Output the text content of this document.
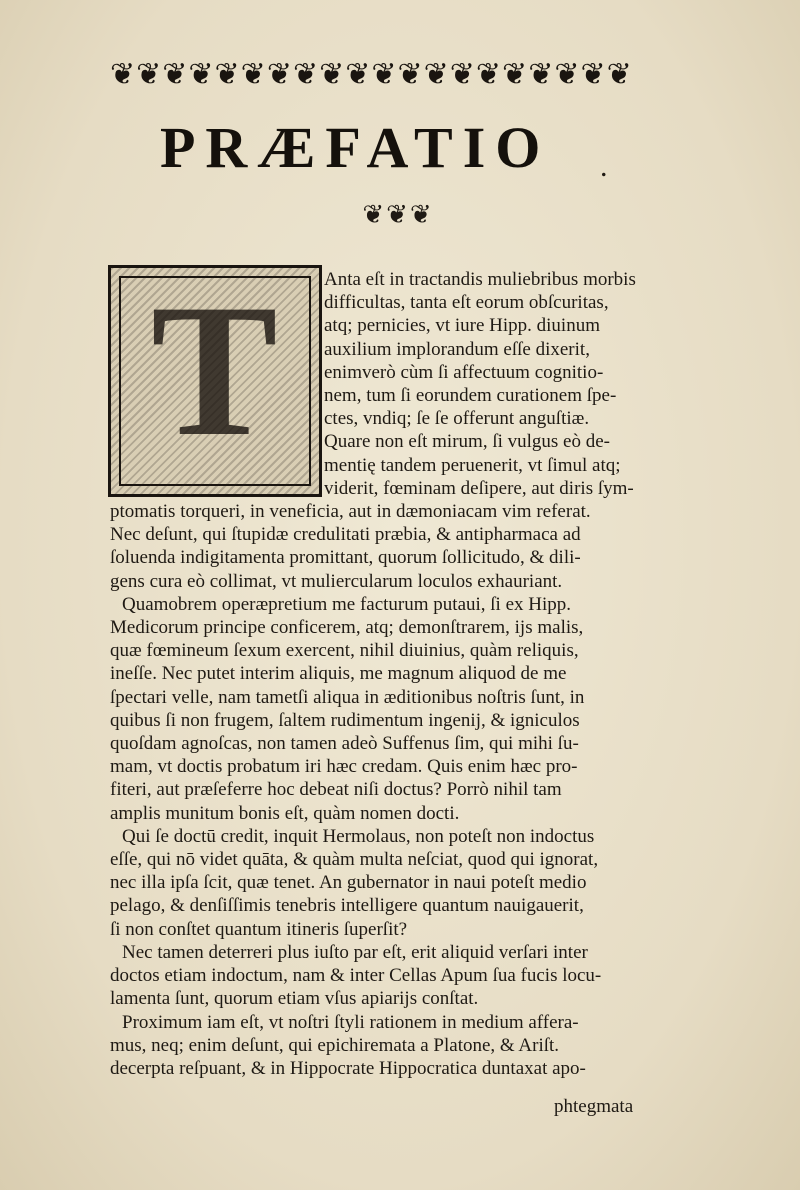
❦❦❦❦❦❦❦❦❦❦❦❦❦❦❦❦❦❦❦❦
PRÆFATIO	.
❦❦❦
T	Anta eſt in tractandis muliebribus morbis
difficultas, tanta eſt eorum obſcuritas,
atq; pernicies, vt iure Hipp. diuinum
auxilium implorandum eſſe dixerit,
enimverò cùm ſi affectuum cognitio-
nem, tum ſi eorundem curationem ſpe-
ctes, vndiq; ſe ſe offerunt anguſtiæ.
Quare non eſt mirum, ſi vulgus eò de-
mentię tandem peruenerit, vt ſimul atq;
viderit, fœminam deſipere, aut diris ſym-
ptomatis torqueri, in veneficia, aut in dæmoniacam vim referat.
Nec deſunt, qui ſtupidæ credulitati præbia, & antipharmaca ad
ſoluenda indigitamenta promittant, quorum ſollicitudo, & dili-
gens cura eò collimat, vt muliercularum loculos exhauriant.
Quamobrem operæpretium me facturum putaui, ſi ex Hipp.
Medicorum principe conficerem, atq; demonſtrarem, ijs malis,
quæ fœmineum ſexum exercent, nihil diuinius, quàm reliquis,
ineſſe. Nec putet interim aliquis, me magnum aliquod de me
ſpectari velle, nam tametſi aliqua in æditionibus noſtris ſunt, in
quibus ſi non frugem, ſaltem rudimentum ingenij, & igniculos
quoſdam agnoſcas, non tamen adeò Suffenus ſim, qui mihi ſu-
mam, vt doctis probatum iri hæc credam. Quis enim hæc pro-
fiteri, aut præſeferre hoc debeat niſi doctus? Porrò nihil tam
amplis munitum bonis eſt, quàm nomen docti.
Qui ſe doctū credit, inquit Hermolaus, non poteſt non indoctus
eſſe, qui nō videt quāta, & quàm multa neſciat, quod qui ignorat,
nec illa ipſa ſcit, quæ tenet. An gubernator in naui poteſt medio
pelago, & denſiſſimis tenebris intelligere quantum nauigauerit,
ſi non conſtet quantum itineris ſuperſit?
Nec tamen deterreri plus iuſto par eſt, erit aliquid verſari inter
doctos etiam indoctum, nam & inter Cellas Apum ſua fucis locu-
lamenta ſunt, quorum etiam vſus apiarijs conſtat.
Proximum iam eſt, vt noſtri ſtyli rationem in medium afferа-
mus, neq; enim deſunt, qui epichiremata a Platone, & Ariſt.
decerpta reſpuant, & in Hippocrate Hippocratica duntaxat apo-
phtegmata
